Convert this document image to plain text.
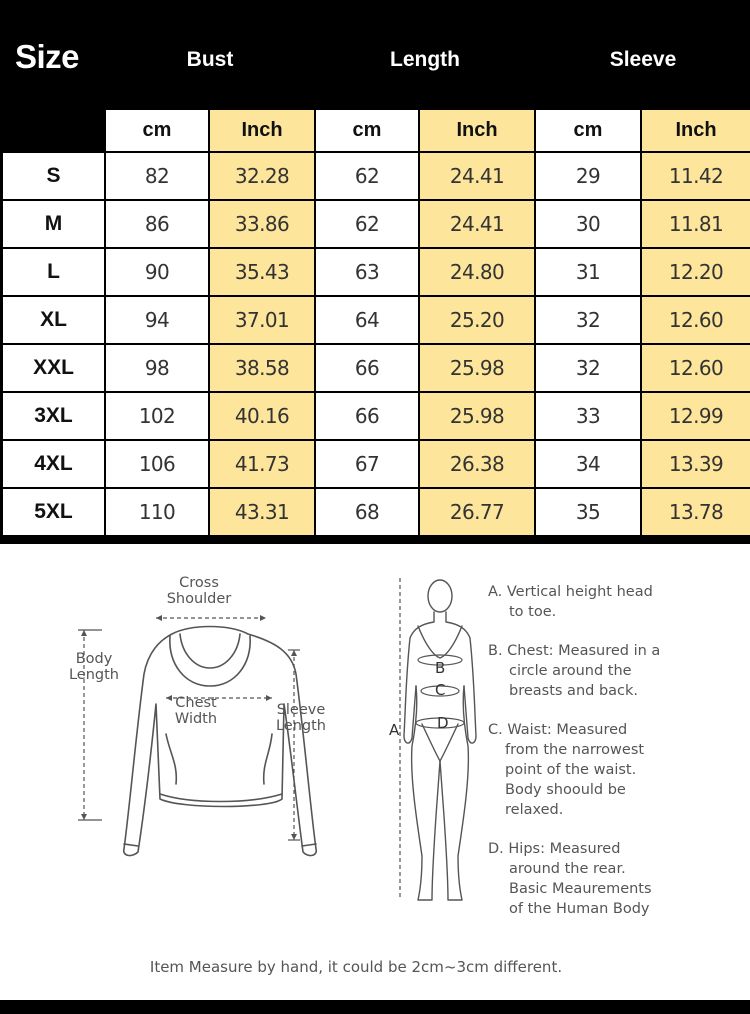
Size	Bust	Length	Sleeve
cm	Inch	cm	Inch	cm	Inch
S	82	32.28	62	24.41	29	11.42
M	86	33.86	62	24.41	30	11.81
L	90	35.43	63	24.80	31	12.20
XL	94	37.01	64	25.20	32	12.60
XXL	98	38.58	66	25.98	32	12.60
3XL	102	40.16	66	25.98	33	12.99
4XL	106	41.73	67	26.38	34	13.39
5XL	110	43.31	68	26.77	35	13.78
Cross Shoulder
Body Length
Chest Width
Sleeve Length	A
B
C
D

A. Vertical height head

to toe.

B. Chest: Measured in a

circle around the

breasts and back.

C. Waist: Measured

from the narrowest

point of the waist.

Body shoould be

relaxed.

D. Hips: Measured

around the rear.

Basic Meaurements

of the Human Body

Item Measure by hand, it could be 2cm~3cm different.
